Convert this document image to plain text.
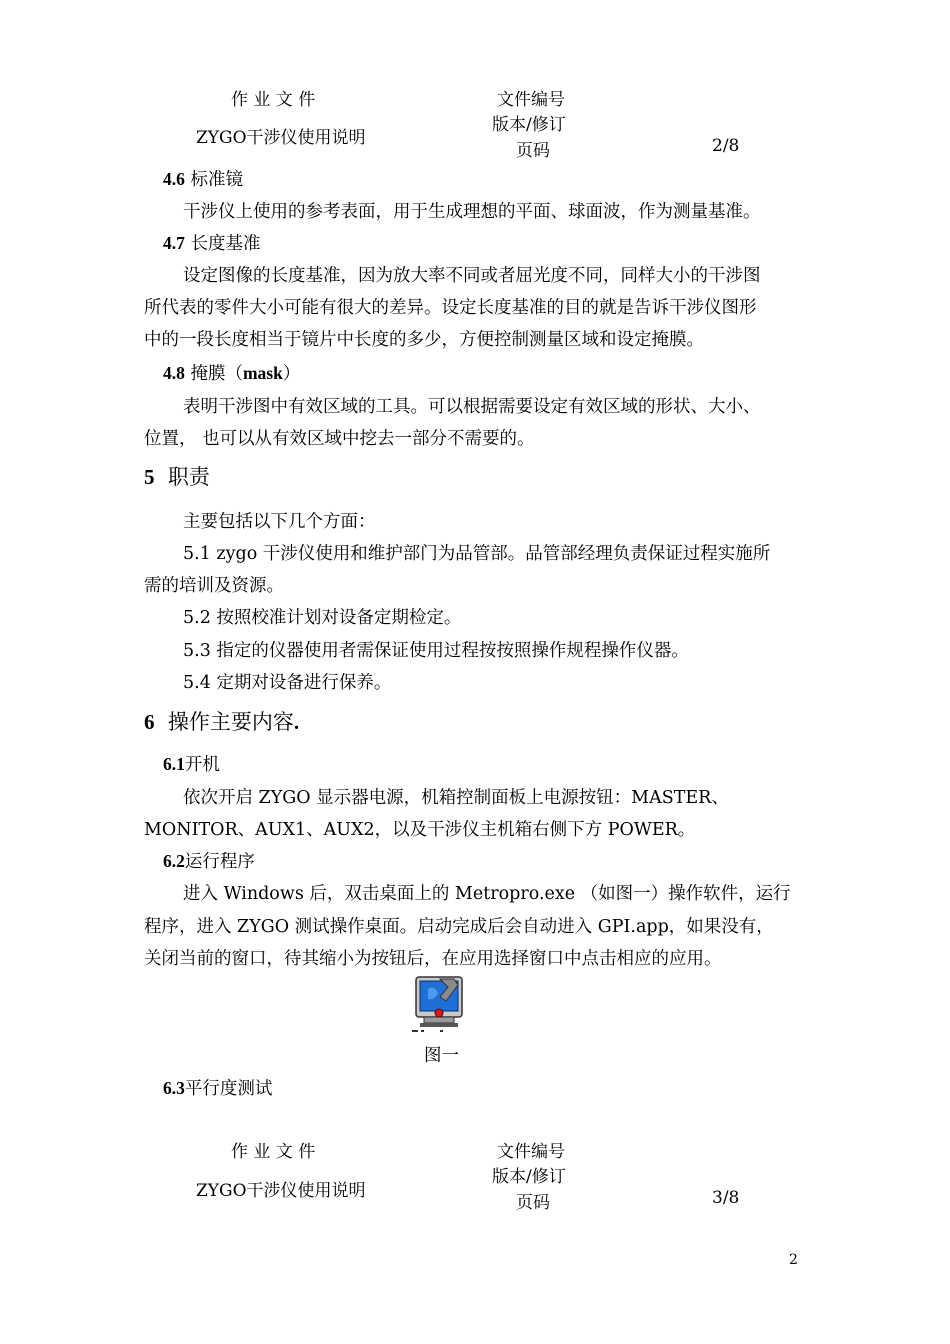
作 业 文 件
ZYGO干涉仪使用说明
文件编号
版本/修订
页码	2/8
4.6 标准镜
干涉仪上使用的参考表面，用于生成理想的平面、球面波，作为测量基准。
4.7 长度基准
设定图像的长度基准，因为放大率不同或者屈光度不同，同样大小的干涉图
所代表的零件大小可能有很大的差异。设定长度基准的目的就是告诉干涉仪图形
中的一段长度相当于镜片中长度的多少，方便控制测量区域和设定掩膜。
4.8 掩膜（mask）
表明干涉图中有效区域的工具。可以根据需要设定有效区域的形状、大小、
位置， 也可以从有效区域中挖去一部分不需要的。
5 职责
主要包括以下几个方面：
5.1 zygo 干涉仪使用和维护部门为品管部。品管部经理负责保证过程实施所
需的培训及资源。
5.2 按照校准计划对设备定期检定。
5.3 指定的仪器使用者需保证使用过程按按照操作规程操作仪器。
5.4 定期对设备进行保养。
6 操作主要内容.
6.1开机
依次开启 ZYGO 显示器电源，机箱控制面板上电源按钮：MASTER、
MONITOR、AUX1、AUX2，以及干涉仪主机箱右侧下方 POWER。
6.2运行程序
进入 Windows 后，双击桌面上的 Metropro.exe （如图一）操作软件，运行
程序，进入 ZYGO 测试操作桌面。启动完成后会自动进入 GPI.app，如果没有，
关闭当前的窗口，待其缩小为按钮后，在应用选择窗口中点击相应的应用。
图一
6.3平行度测试
作 业 文 件
ZYGO干涉仪使用说明
文件编号
版本/修订
页码	3/8
2
